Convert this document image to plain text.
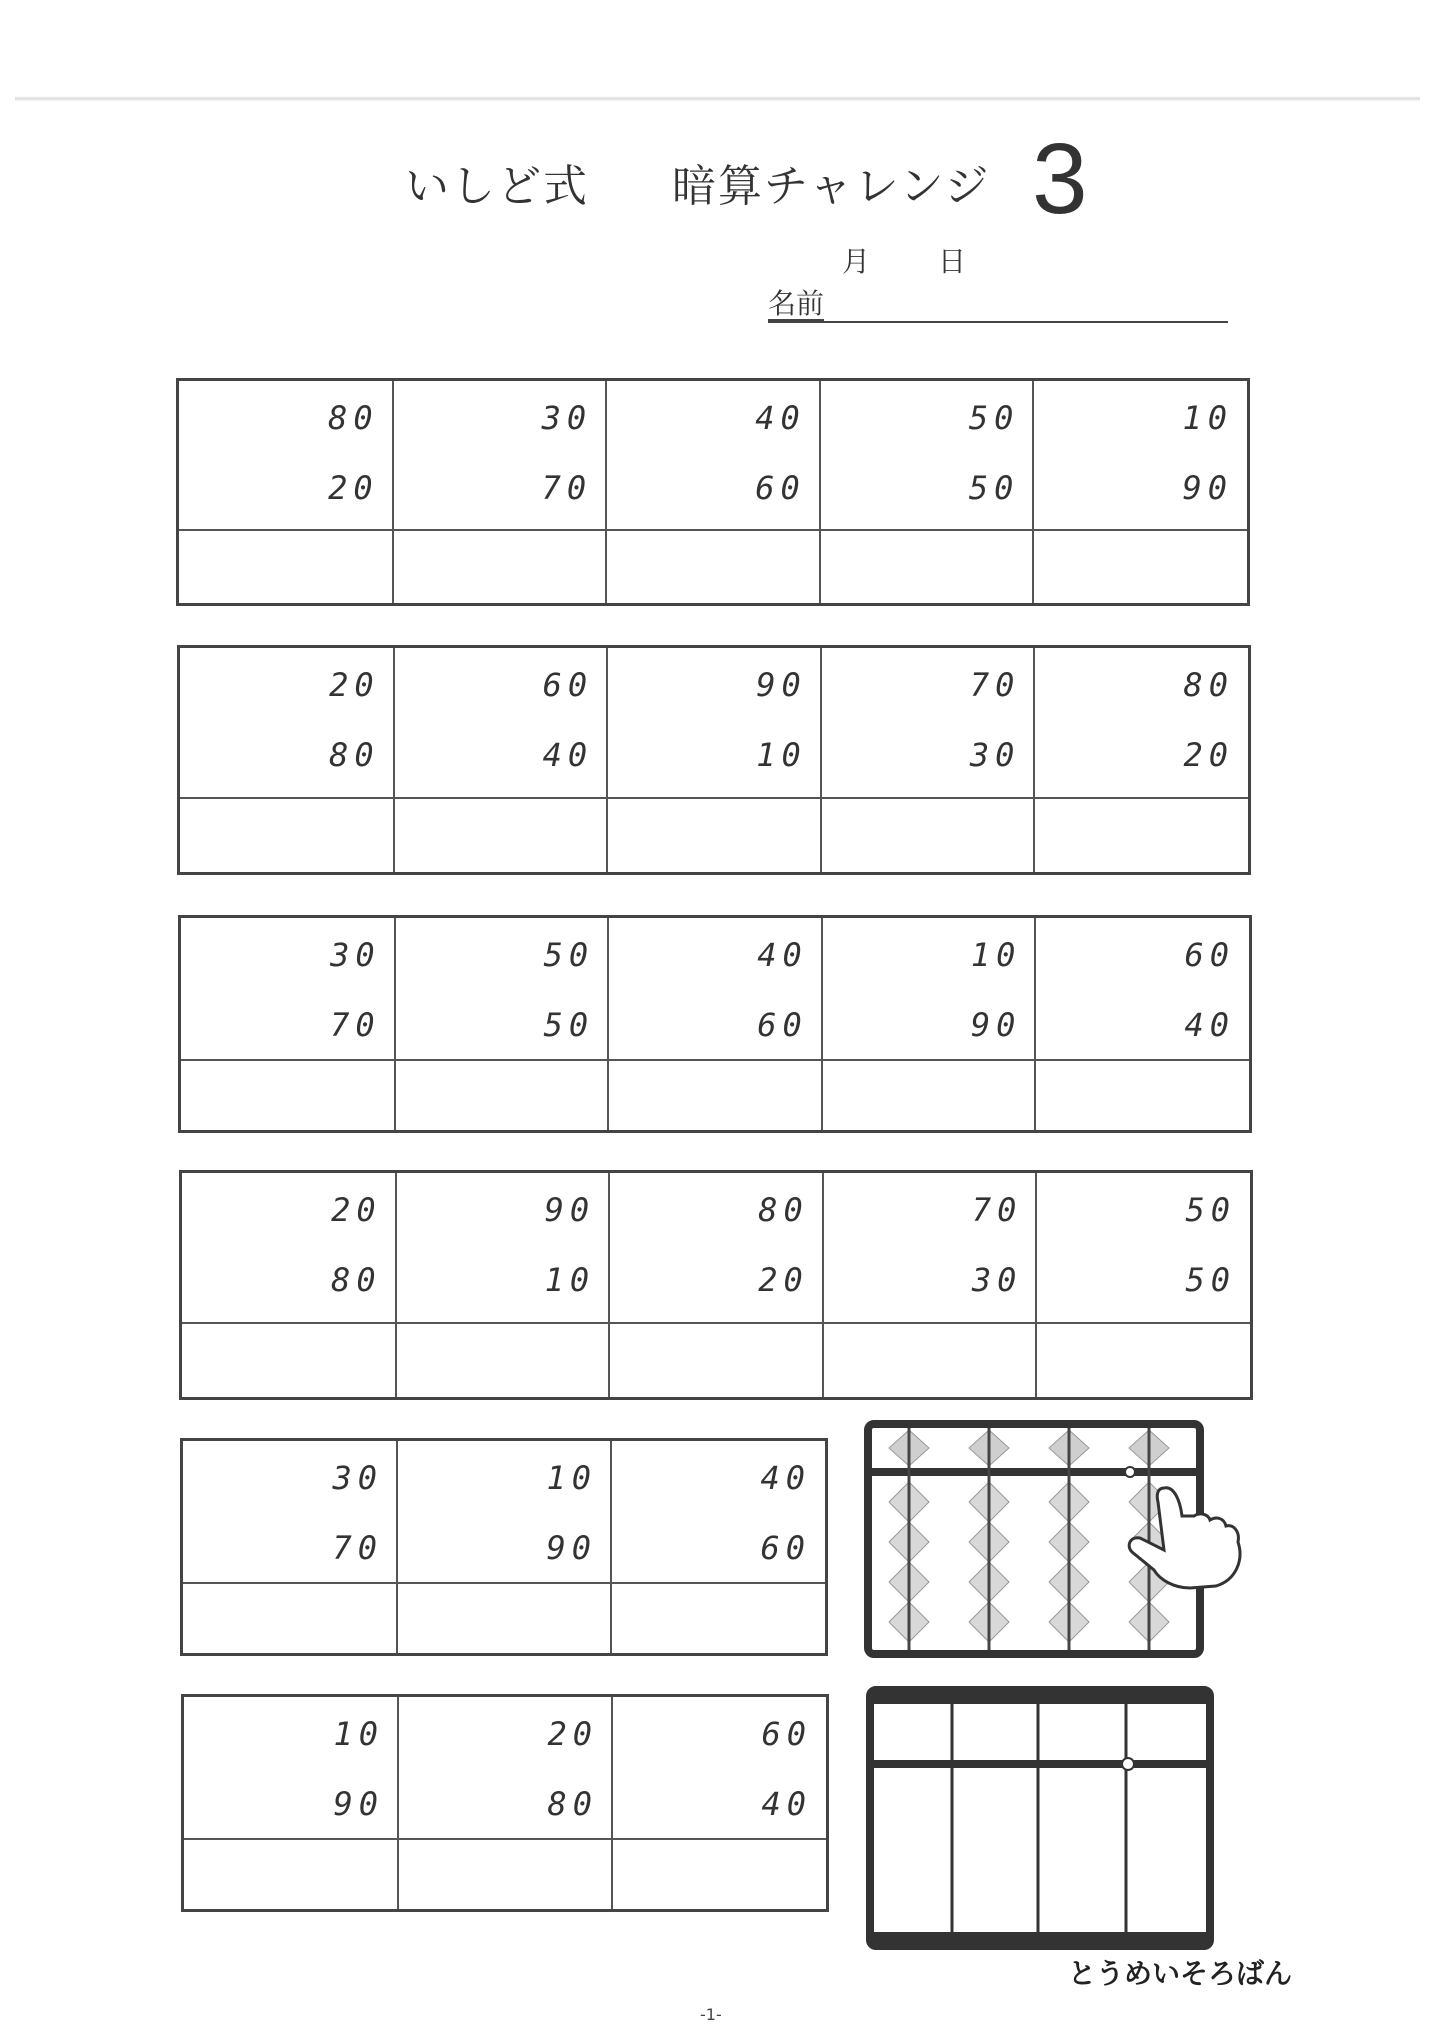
いしど式 暗算チャレンジ 3
月 日
名前
80
20
30
70
40
60
50
50
10
90
20
80
60
40
90
10
70
30
80
20
30
70
50
50
40
60
10
90
60
40
20
80
90
10
80
20
70
30
50
50
30
70
10
90
40
60
10
90
20
80
60
40
とうめいそろばん
-1-
